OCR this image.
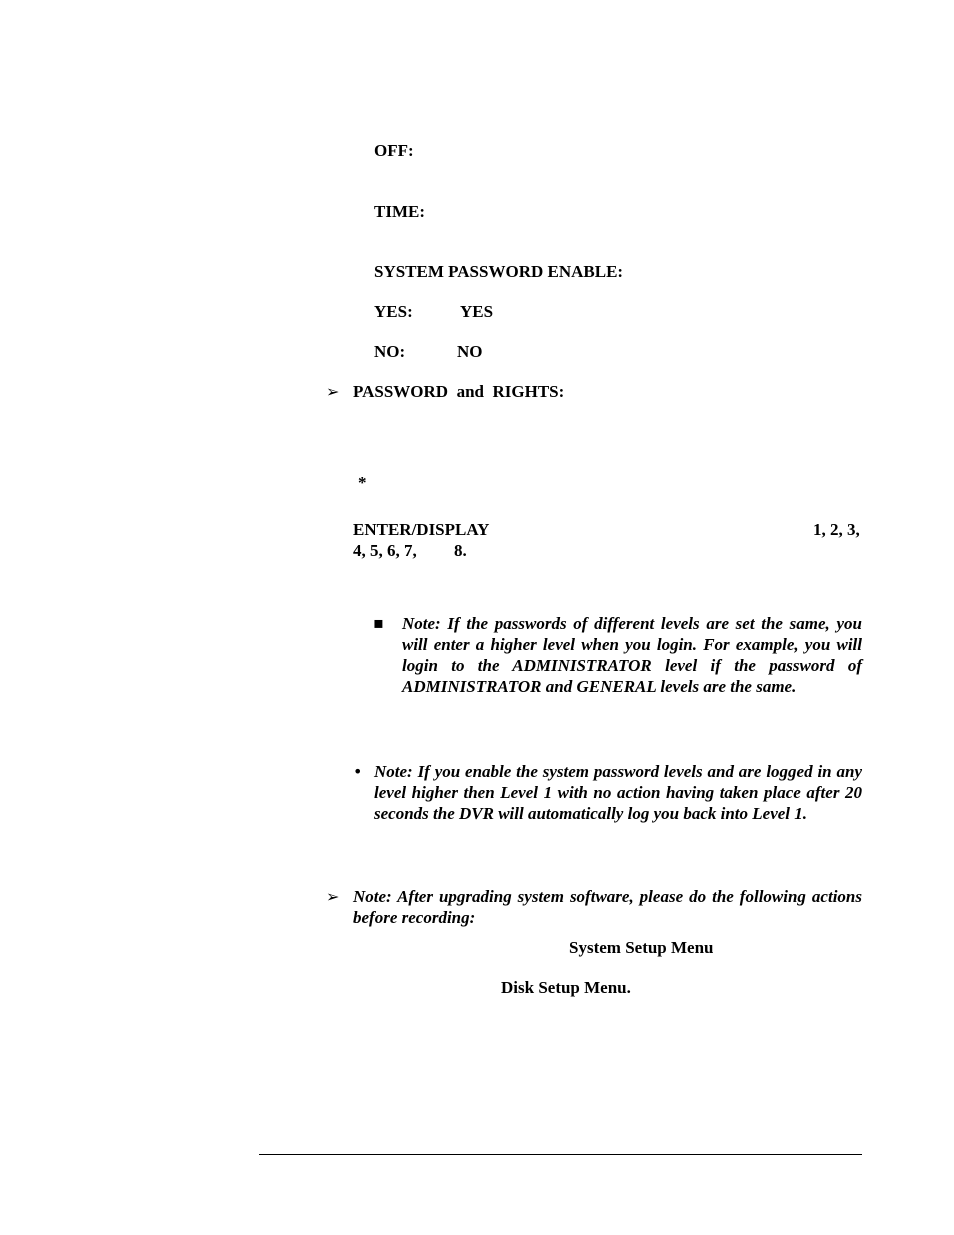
OFF:
TIME:
SYSTEM PASSWORD ENABLE:
YES:	YES
NO:	NO
➢ PASSWORD  and  RIGHTS:
*
ENTER/DISPLAY	1, 2, 3,
4, 5, 6, 7, 8.
▪ Note: If the passwords of different levels are set the same, you will enter a higher level when you login. For example, you will login to the ADMINISTRATOR level if the password of ADMINISTRATOR and GENERAL levels are the same.
• Note: If you enable the system password levels and are logged in any level higher then Level 1 with no action having taken place after 20 seconds the DVR will automatically log you back into Level 1.
➢ Note: After upgrading system software, please do the following actions before recording:
System Setup Menu
Disk Setup Menu.
